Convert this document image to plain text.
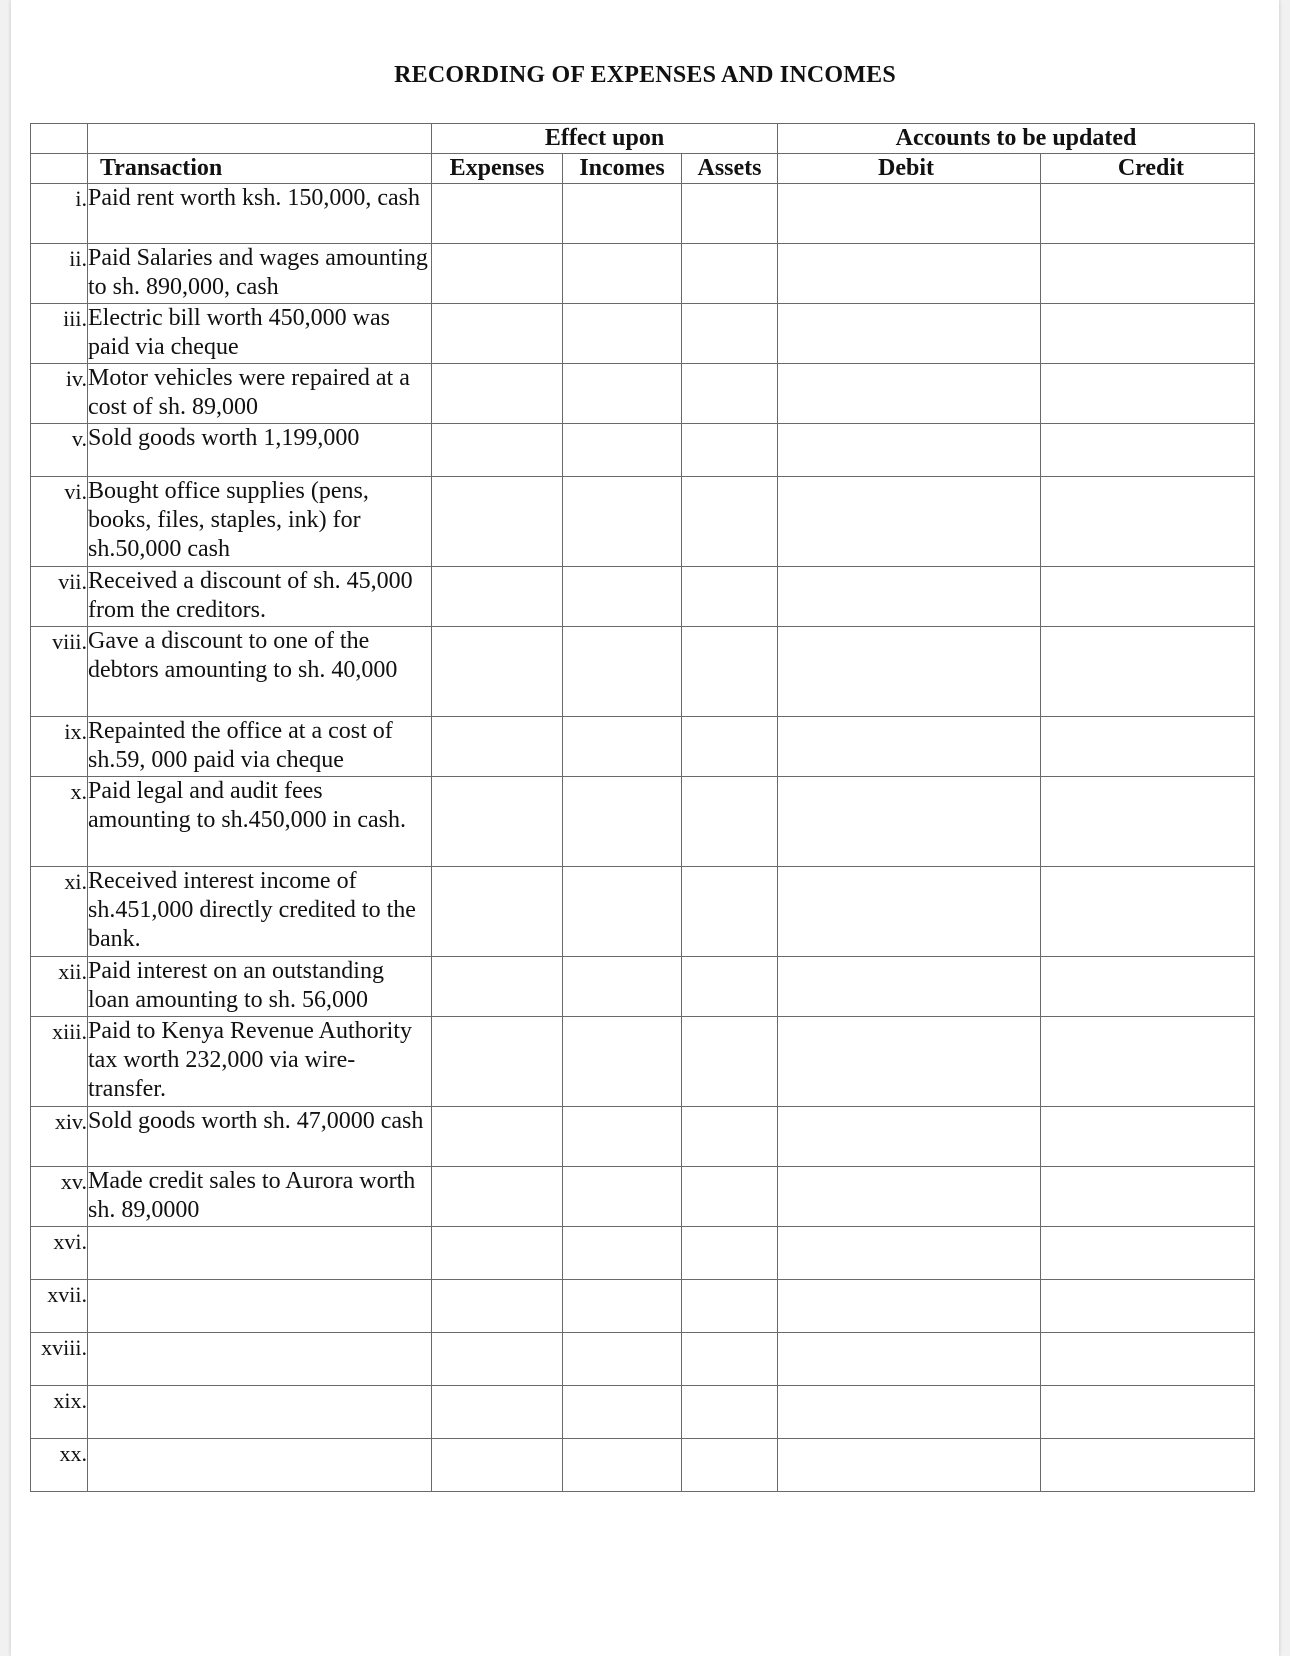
RECORDING OF EXPENSES AND INCOMES
		Effect upon			Accounts to be updated	
	Transaction	Expenses	Incomes	Assets	Debit	Credit
i.	Paid rent worth ksh. 150,000, cash					
ii.	Paid Salaries and wages amounting to sh. 890,000, cash					
iii.	Electric bill worth 450,000 was paid via cheque					
iv.	Motor vehicles were repaired at a cost of sh. 89,000					
v.	Sold goods worth 1,199,000					
vi.	Bought office supplies (pens, books, files, staples, ink) for sh.50,000 cash					
vii.	Received a discount of sh. 45,000 from the creditors.					
viii.	Gave a discount to one of the debtors amounting to sh. 40,000					
ix.	Repainted the office at a cost of sh.59, 000 paid via cheque					
x.	Paid legal and audit fees amounting to sh.450,000 in cash.					
xi.	Received interest income of sh.451,000 directly credited to the bank.					
xii.	Paid interest on an outstanding loan amounting to sh. 56,000					
xiii.	Paid to Kenya Revenue Authority tax worth 232,000 via wire-transfer.					
xiv.	Sold goods worth sh. 47,0000 cash					
xv.	Made credit sales to Aurora worth sh. 89,0000					
xvi.						
xvii.						
xviii.						
xix.						
xx.						
